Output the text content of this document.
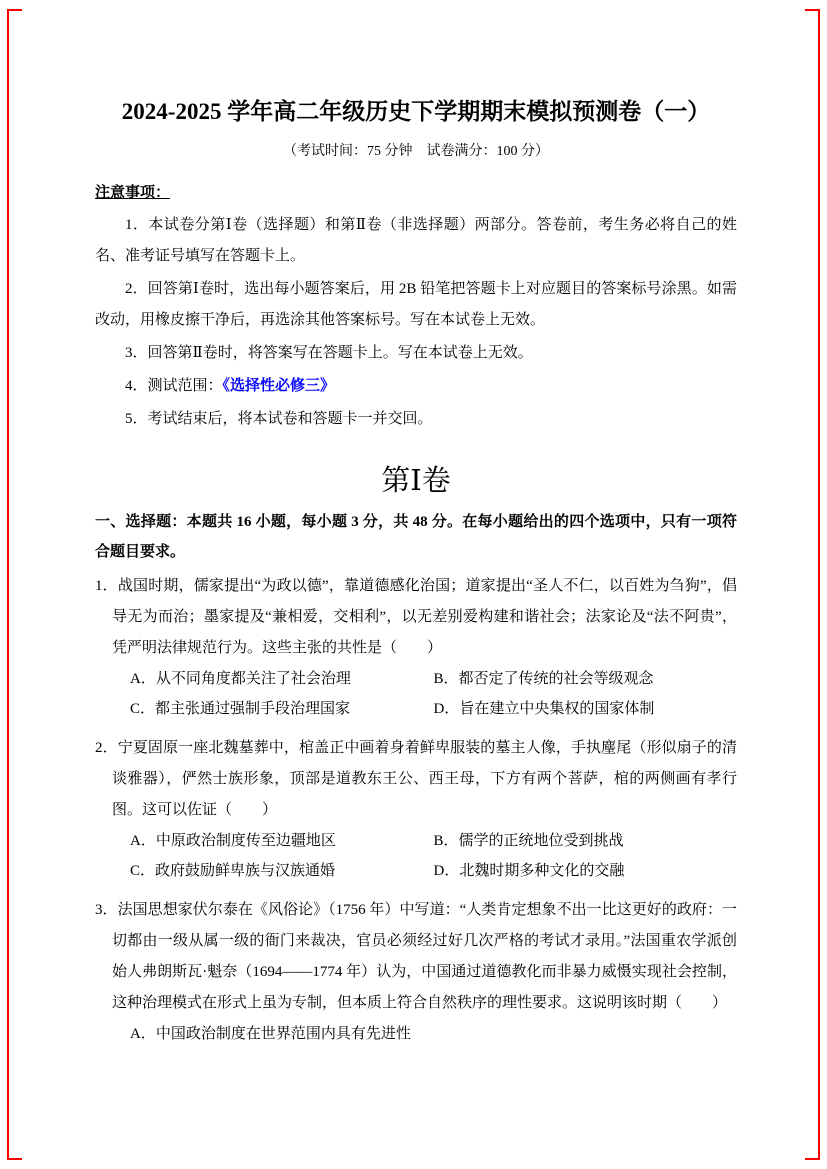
2024-2025 学年高二年级历史下学期期末模拟预测卷（一）

（考试时间：75 分钟　试卷满分：100 分）

注意事项：

1．本试卷分第Ⅰ卷（选择题）和第Ⅱ卷（非选择题）两部分。答卷前，考生务必将自己的姓名、准考证号填写在答题卡上。

2．回答第Ⅰ卷时，选出每小题答案后，用 2B 铅笔把答题卡上对应题目的答案标号涂黑。如需改动，用橡皮擦干净后，再选涂其他答案标号。写在本试卷上无效。

3．回答第Ⅱ卷时，将答案写在答题卡上。写在本试卷上无效。

4．测试范围：《选择性必修三》

5．考试结束后，将本试卷和答题卡一并交回。

第Ⅰ卷

一、选择题：本题共 16 小题，每小题 3 分，共 48 分。在每小题给出的四个选项中，只有一项符合题目要求。

1．战国时期，儒家提出“为政以德”，靠道德感化治国；道家提出“圣人不仁，以百姓为刍狗”，倡导无为而治；墨家提及“兼相爱，交相利”，以无差别爱构建和谐社会；法家论及“法不阿贵”，凭严明法律规范行为。这些主张的共性是（　　）

A．从不同角度都关注了社会治理	B．都否定了传统的社会等级观念
C．都主张通过强制手段治理国家	D．旨在建立中央集权的国家体制

2．宁夏固原一座北魏墓葬中，棺盖正中画着身着鲜卑服装的墓主人像，手执麈尾（形似扇子的清谈雅器），俨然士族形象，顶部是道教东王公、西王母，下方有两个菩萨，棺的两侧画有孝行图。这可以佐证（　　）

A．中原政治制度传至边疆地区	B．儒学的正统地位受到挑战
C．政府鼓励鲜卑族与汉族通婚	D．北魏时期多种文化的交融

3．法国思想家伏尔泰在《风俗论》（1756 年）中写道：“人类肯定想象不出一比这更好的政府：一切都由一级从属一级的衙门来裁决，官员必须经过好几次严格的考试才录用。”法国重农学派创始人弗朗斯瓦·魁奈（1694——1774 年）认为，中国通过道德教化而非暴力威慑实现社会控制，这种治理模式在形式上虽为专制，但本质上符合自然秩序的理性要求。这说明该时期（　　）

A．中国政治制度在世界范围内具有先进性
